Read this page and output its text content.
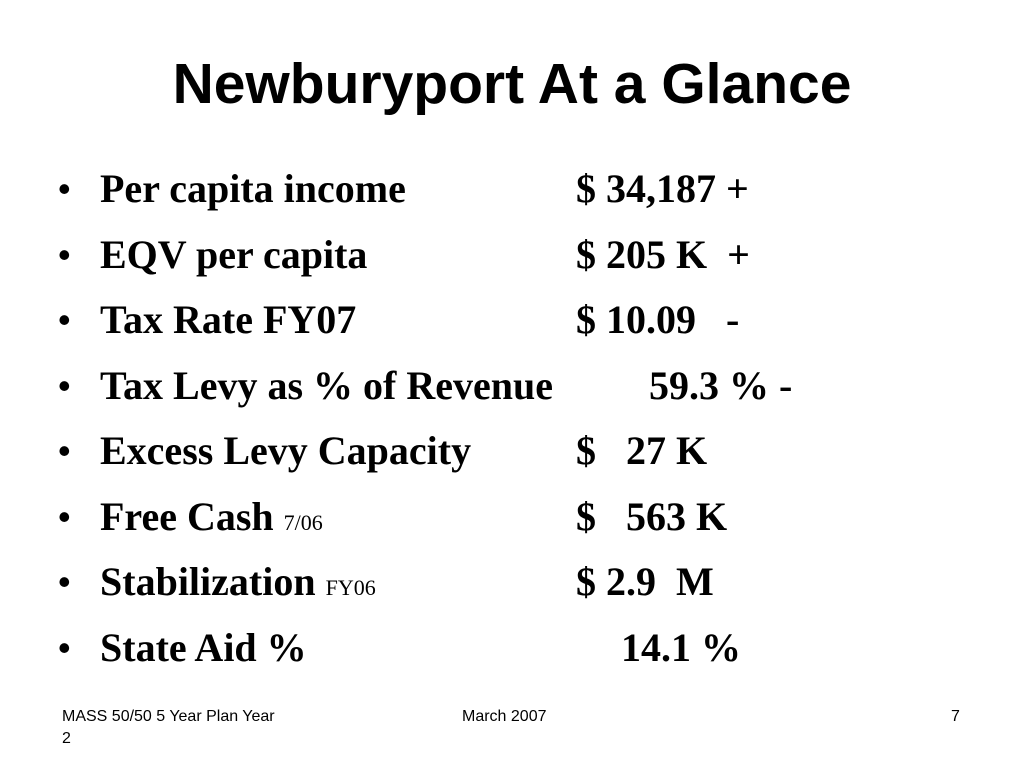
Newburyport At a Glance
• Per capita income	$ 34,187 +
• EQV per capita	$ 205 K  +
• Tax Rate FY07	$ 10.09   -
• Tax Levy as % of Revenue 59.3 % -
• Excess Levy Capacity	$   27 K
• Free Cash 7/06	$   563 K
• Stabilization FY06	$ 2.9  M
• State Aid %	14.1 %
MASS 50/50 5 Year Plan Year 2
March 2007	7
